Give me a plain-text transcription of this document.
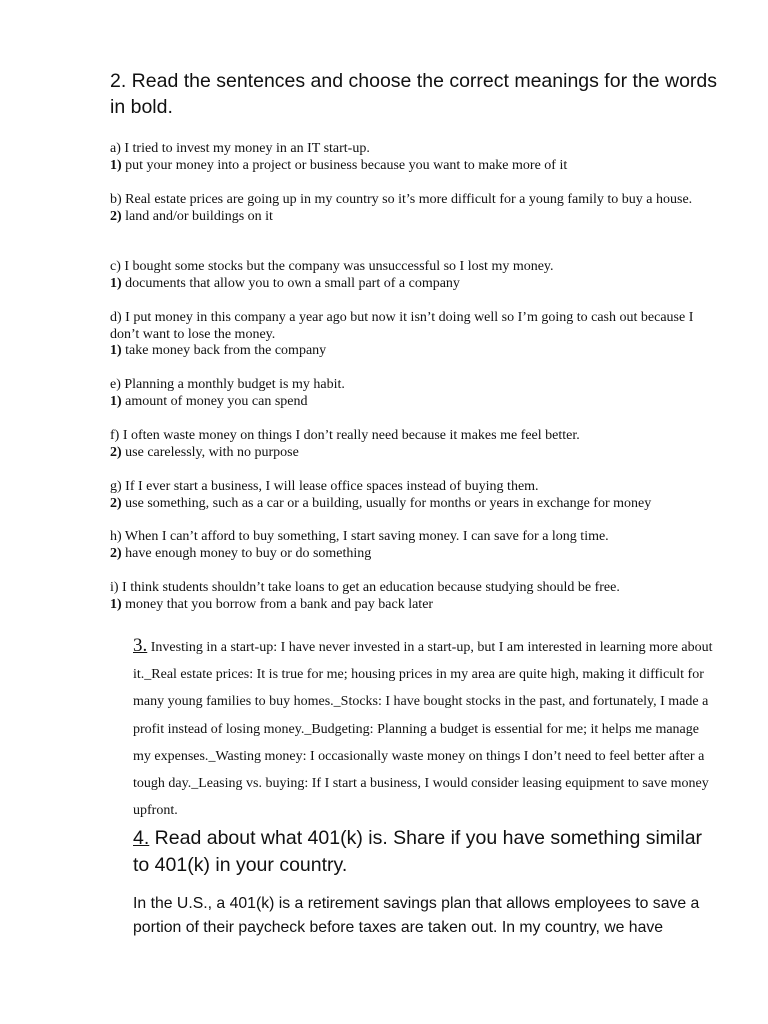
2. Read the sentences and choose the correct meanings for the words in bold.

a) I tried to invest my money in an IT start-up.

1) put your money into a project or business because you want to make more of it

b) Real estate prices are going up in my country so it’s more difficult for a young family to buy a house.

2) land and/or buildings on it

c) I bought some stocks but the company was unsuccessful so I lost my money.

1) documents that allow you to own a small part of a company

d) I put money in this company a year ago but now it isn’t doing well so I’m going to cash out because I don’t want to lose the money.

1) take money back from the company

e) Planning a monthly budget is my habit.

1) amount of money you can spend

f) I often waste money on things I don’t really need because it makes me feel better.

2) use carelessly, with no purpose

g) If I ever start a business, I will lease office spaces instead of buying them.

2) use something, such as a car or a building, usually for months or years in exchange for money

h) When I can’t afford to buy something, I start saving money. I can save for a long time.

2) have enough money to buy or do something

i) I think students shouldn’t take loans to get an education because studying should be free.

1) money that you borrow from a bank and pay back later

3. Investing in a start-up: I have never invested in a start-up, but I am interested in learning more about it._Real estate prices: It is true for me; housing prices in my area are quite high, making it difficult for many young families to buy homes._Stocks: I have bought stocks in the past, and fortunately, I made a profit instead of losing money._Budgeting: Planning a budget is essential for me; it helps me manage my expenses._Wasting money: I occasionally waste money on things I don’t need to feel better after a tough day._Leasing vs. buying: If I start a business, I would consider leasing equipment to save money upfront.
4. Read about what 401(k) is. Share if you have something similar to 401(k) in your country.
In the U.S., a 401(k) is a retirement savings plan that allows employees to save a portion of their paycheck before taxes are taken out. In my country, we have
